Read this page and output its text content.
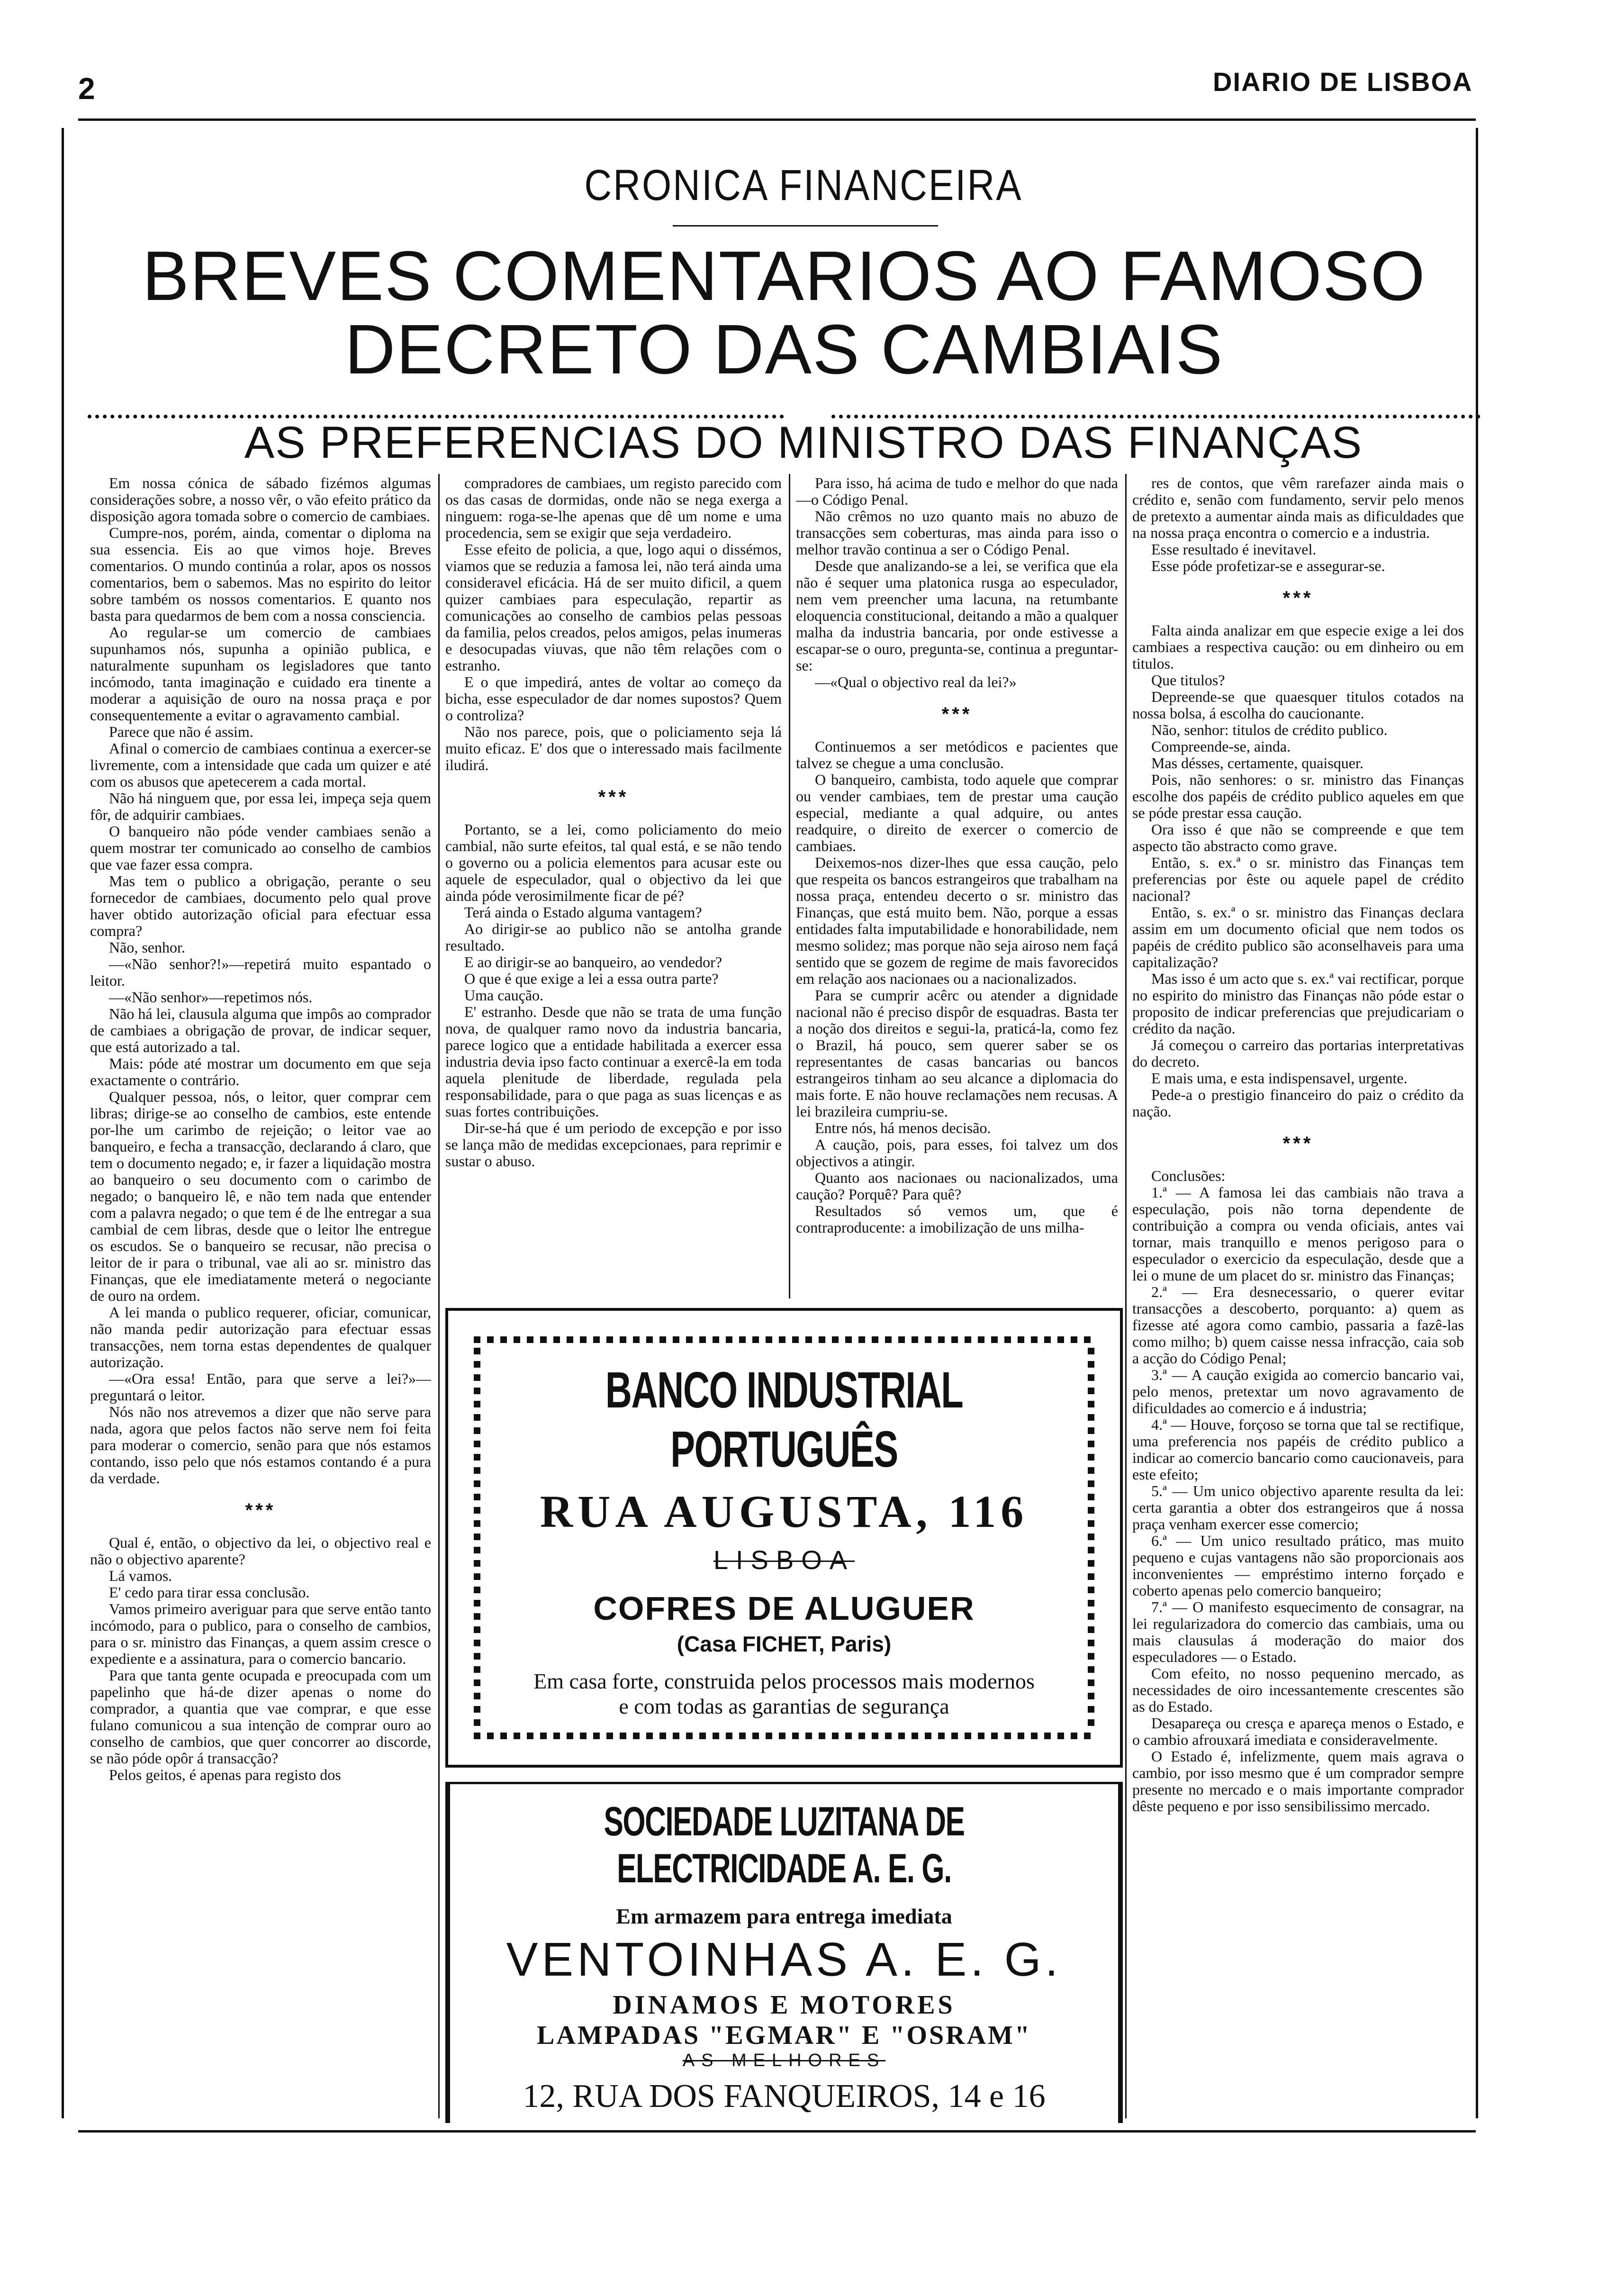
2	DIARIO DE LISBOA
CRONICA FINANCEIRA
BREVES COMENTARIOS AO FAMOSO
DECRETO DAS CAMBIAIS
AS PREFERENCIAS DO MINISTRO DAS FINANÇAS

Em nossa cónica de sábado fizémos algumas considerações sobre, a nosso vêr, o vão efeito prático da disposição agora tomada sobre o comercio de cambiaes.

Cumpre-nos, porém, ainda, comentar o diploma na sua essencia. Eis ao que vimos hoje. Breves comentarios. O mundo continúa a rolar, apos os nossos comentarios, bem o sabemos. Mas no espirito do leitor sobre também os nossos comentarios. E quanto nos basta para quedarmos de bem com a nossa consciencia.

Ao regular-se um comercio de cambiaes supunhamos nós, supunha a opinião publica, e naturalmente supunham os legisladores que tanto incómodo, tanta imaginação e cuidado era tinente a moderar a aquisição de ouro na nossa praça e por consequentemente a evitar o agravamento cambial.

Parece que não é assim.

Afinal o comercio de cambiaes continua a exercer-se livremente, com a intensidade que cada um quizer e até com os abusos que apetecerem a cada mortal.

Não há ninguem que, por essa lei, impeça seja quem fôr, de adquirir cambiaes.

O banqueiro não póde vender cambiaes senão a quem mostrar ter comunicado ao conselho de cambios que vae fazer essa compra.

Mas tem o publico a obrigação, perante o seu fornecedor de cambiaes, documento pelo qual prove haver obtido autorização oficial para efectuar essa compra?

Não, senhor.

—«Não senhor?!»—repetirá muito espantado o leitor.

—«Não senhor»—repetimos nós.

Não há lei, clausula alguma que impôs ao comprador de cambiaes a obrigação de provar, de indicar sequer, que está autorizado a tal.

Mais: póde até mostrar um documento em que seja exactamente o contrário.

Qualquer pessoa, nós, o leitor, quer comprar cem libras; dirige-se ao conselho de cambios, este entende por-lhe um carimbo de rejeição; o leitor vae ao banqueiro, e fecha a transacção, declarando á claro, que tem o documento negado; e, ir fazer a liquidação mostra ao banqueiro o seu documento com o carimbo de negado; o banqueiro lê, e não tem nada que entender com a palavra negado; o que tem é de lhe entregar a sua cambial de cem libras, desde que o leitor lhe entregue os escudos. Se o banqueiro se recusar, não precisa o leitor de ir para o tribunal, vae ali ao sr. ministro das Finanças, que ele imediatamente meterá o negociante de ouro na ordem.

A lei manda o publico requerer, oficiar, comunicar, não manda pedir autorização para efectuar essas transacções, nem torna estas dependentes de qualquer autorização.

—«Ora essa! Então, para que serve a lei?»—preguntará o leitor.

Nós não nos atrevemos a dizer que não serve para nada, agora que pelos factos não serve nem foi feita para moderar o comercio, senão para que nós estamos contando, isso pelo que nós estamos contando é a pura da verdade.

***

Qual é, então, o objectivo da lei, o objectivo real e não o objectivo aparente?

Lá vamos.

E' cedo para tirar essa conclusão.

Vamos primeiro averiguar para que serve então tanto incómodo, para o publico, para o conselho de cambios, para o sr. ministro das Finanças, a quem assim cresce o expediente e a assinatura, para o comercio bancario.

Para que tanta gente ocupada e preocupada com um papelinho que há-de dizer apenas o nome do comprador, a quantia que vae comprar, e que esse fulano comunicou a sua intenção de comprar ouro ao conselho de cambios, que quer concorrer ao discorde, se não póde opôr á transacção?

Pelos geitos, é apenas para registo dos

compradores de cambiaes, um registo parecido com os das casas de dormidas, onde não se nega exerga a ninguem: roga-se-lhe apenas que dê um nome e uma procedencia, sem se exigir que seja verdadeiro.

Esse efeito de policia, a que, logo aqui o dissémos, viamos que se reduzia a famosa lei, não terá ainda uma consideravel eficácia. Há de ser muito dificil, a quem quizer cambiaes para especulação, repartir as comunicações ao conselho de cambios pelas pessoas da familia, pelos creados, pelos amigos, pelas inumeras e desocupadas viuvas, que não têm relações com o estranho.

E o que impedirá, antes de voltar ao começo da bicha, esse especulador de dar nomes supostos? Quem o controliza?

Não nos parece, pois, que o policiamento seja lá muito eficaz. E' dos que o interessado mais facilmente iludirá.

***

Portanto, se a lei, como policiamento do meio cambial, não surte efeitos, tal qual está, e se não tendo o governo ou a policia elementos para acusar este ou aquele de especulador, qual o objectivo da lei que ainda póde verosimilmente ficar de pé?

Terá ainda o Estado alguma vantagem?

Ao dirigir-se ao publico não se antolha grande resultado.

E ao dirigir-se ao banqueiro, ao vendedor?

O que é que exige a lei a essa outra parte?

Uma caução.

E' estranho. Desde que não se trata de uma função nova, de qualquer ramo novo da industria bancaria, parece logico que a entidade habilitada a exercer essa industria devia ipso facto continuar a exercê-la em toda aquela plenitude de liberdade, regulada pela responsabilidade, para o que paga as suas licenças e as suas fortes contribuições.

Dir-se-há que é um periodo de excepção e por isso se lança mão de medidas excepcionaes, para reprimir e sustar o abuso.

Para isso, há acima de tudo e melhor do que nada—o Código Penal.

Não crêmos no uzo quanto mais no abuzo de transacções sem coberturas, mas ainda para isso o melhor travão continua a ser o Código Penal.

Desde que analizando-se a lei, se verifica que ela não é sequer uma platonica rusga ao especulador, nem vem preencher uma lacuna, na retumbante eloquencia constitucional, deitando a mão a qualquer malha da industria bancaria, por onde estivesse a escapar-se o ouro, pregunta-se, continua a preguntar-se:

—«Qual o objectivo real da lei?»

***

Continuemos a ser metódicos e pacientes que talvez se chegue a uma conclusão.

O banqueiro, cambista, todo aquele que comprar ou vender cambiaes, tem de prestar uma caução especial, mediante a qual adquire, ou antes readquire, o direito de exercer o comercio de cambiaes.

Deixemos-nos dizer-lhes que essa caução, pelo que respeita os bancos estrangeiros que trabalham na nossa praça, entendeu decerto o sr. ministro das Finanças, que está muito bem. Não, porque a essas entidades falta imputabilidade e honorabilidade, nem mesmo solidez; mas porque não seja airoso nem façá sentido que se gozem de regime de mais favorecidos em relação aos nacionaes ou a nacionalizados.

Para se cumprir acêrc ou atender a dignidade nacional não é preciso dispôr de esquadras. Basta ter a noção dos direitos e segui-la, praticá-la, como fez o Brazil, há pouco, sem querer saber se os representantes de casas bancarias ou bancos estrangeiros tinham ao seu alcance a diplomacia do mais forte. E não houve reclamações nem recusas. A lei brazileira cumpriu-se.

Entre nós, há menos decisão.

A caução, pois, para esses, foi talvez um dos objectivos a atingir.

Quanto aos nacionaes ou nacionalizados, uma caução? Porquê? Para quê?

Resultados só vemos um, que é contraproducente: a imobilização de uns milha-

res de contos, que vêm rarefazer ainda mais o crédito e, senão com fundamento, servir pelo menos de pretexto a aumentar ainda mais as dificuldades que na nossa praça encontra o comercio e a industria.

Esse resultado é inevitavel.

Esse póde profetizar-se e assegurar-se.

***

Falta ainda analizar em que especie exige a lei dos cambiaes a respectiva caução: ou em dinheiro ou em titulos.

Que titulos?

Depreende-se que quaesquer titulos cotados na nossa bolsa, á escolha do caucionante.

Não, senhor: titulos de crédito publico.

Compreende-se, ainda.

Mas désses, certamente, quaisquer.

Pois, não senhores: o sr. ministro das Finanças escolhe dos papéis de crédito publico aqueles em que se póde prestar essa caução.

Ora isso é que não se compreende e que tem aspecto tão abstracto como grave.

Então, s. ex.ª o sr. ministro das Finanças tem preferencias por êste ou aquele papel de crédito nacional?

Então, s. ex.ª o sr. ministro das Finanças declara assim em um documento oficial que nem todos os papéis de crédito publico são aconselhaveis para uma capitalização?

Mas isso é um acto que s. ex.ª vai rectificar, porque no espirito do ministro das Finanças não póde estar o proposito de indicar preferencias que prejudicariam o crédito da nação.

Já começou o carreiro das portarias interpretativas do decreto.

E mais uma, e esta indispensavel, urgente.

Pede-a o prestigio financeiro do paiz o crédito da nação.

***

Conclusões:

1.ª — A famosa lei das cambiais não trava a especulação, pois não torna dependente de contribuição a compra ou venda oficiais, antes vai tornar, mais tranquillo e menos perigoso para o especulador o exercicio da especulação, desde que a lei o mune de um placet do sr. ministro das Finanças;

2.ª — Era desnecessario, o querer evitar transacções a descoberto, porquanto: a) quem as fizesse até agora como cambio, passaria a fazê-las como milho; b) quem caisse nessa infracção, caia sob a acção do Código Penal;

3.ª — A caução exigida ao comercio bancario vai, pelo menos, pretextar um novo agravamento de dificuldades ao comercio e á industria;

4.ª — Houve, forçoso se torna que tal se rectifique, uma preferencia nos papéis de crédito publico a indicar ao comercio bancario como caucionaveis, para este efeito;

5.ª — Um unico objectivo aparente resulta da lei: certa garantia a obter dos estrangeiros que á nossa praça venham exercer esse comercio;

6.ª — Um unico resultado prático, mas muito pequeno e cujas vantagens não são proporcionais aos inconvenientes — empréstimo interno forçado e coberto apenas pelo comercio banqueiro;

7.ª — O manifesto esquecimento de consagrar, na lei regularizadora do comercio das cambiais, uma ou mais clausulas á moderação do maior dos especuladores — o Estado.

Com efeito, no nosso pequenino mercado, as necessidades de oiro incessantemente crescentes são as do Estado.

Desapareça ou cresça e apareça menos o Estado, e o cambio afrouxará imediata e consideravelmente.

O Estado é, infelizmente, quem mais agrava o cambio, por isso mesmo que é um comprador sempre presente no mercado e o mais importante comprador dêste pequeno e por isso sensibilissimo mercado.

BANCO INDUSTRIAL PORTUGUÊS
RUA AUGUSTA, 116
LISBOA
COFRES DE ALUGUER
(Casa FICHET, Paris)
Em casa forte, construida pelos processos mais modernos
e com todas as garantias de segurança
SOCIEDADE LUZITANA DE ELECTRICIDADE A. E. G.
Em armazem para entrega imediata
VENTOINHAS A. E. G.
DINAMOS E MOTORES
LAMPADAS "EGMAR" E "OSRAM"
AS MELHORES
12, RUA DOS FANQUEIROS, 14 e 16
